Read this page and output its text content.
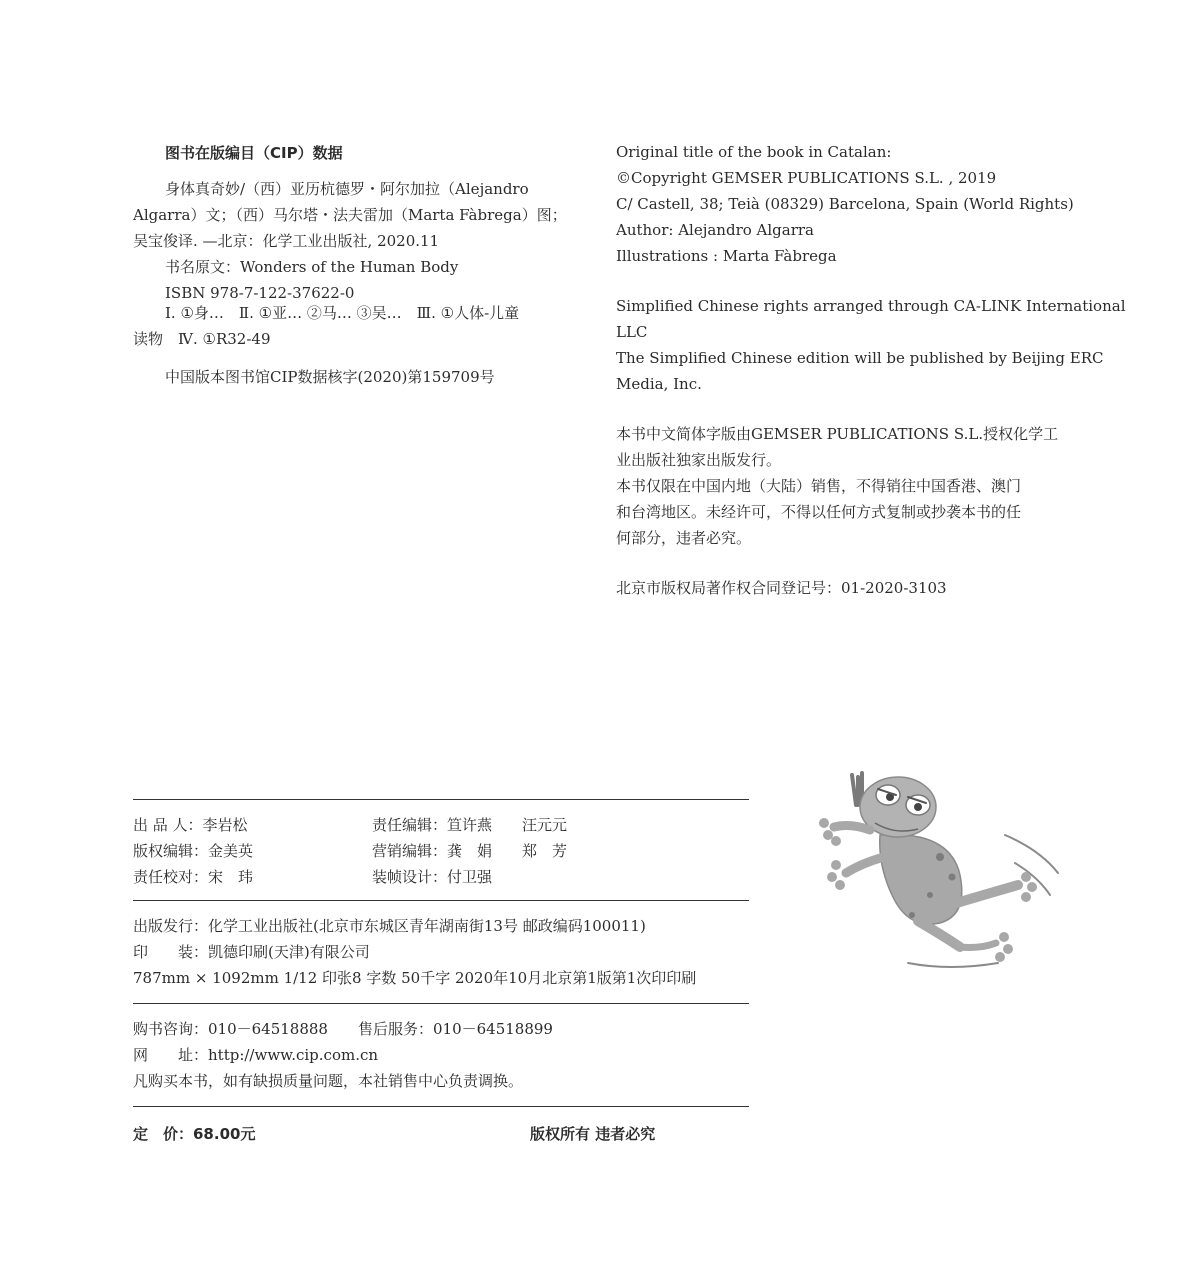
图书在版编目（CIP）数据
身体真奇妙/（西）亚历杭德罗・阿尔加拉（Alejandro
Algarra）文；（西）马尔塔・法夫雷加（Marta Fàbrega）图；
吴宝俊译. —北京：化学工业出版社, 2020.11
书名原文：Wonders of the Human Body
ISBN 978-7-122-37622-0
Ⅰ. ①身…　Ⅱ. ①亚… ②马… ③吴…　Ⅲ. ①人体-儿童
读物　Ⅳ. ①R32-49
中国版本图书馆CIP数据核字(2020)第159709号
Original title of the book in Catalan:
©Copyright GEMSER PUBLICATIONS S.L. , 2019
C/ Castell, 38; Teià (08329) Barcelona, Spain (World Rights)
Author: Alejandro Algarra
Illustrations : Marta Fàbrega
Simplified Chinese rights arranged through CA-LINK International
LLC
The Simplified Chinese edition will be published by Beijing ERC
Media, Inc.
本书中文简体字版由GEMSER PUBLICATIONS S.L.授权化学工
业出版社独家出版发行。
本书仅限在中国内地（大陆）销售，不得销往中国香港、澳门
和台湾地区。未经许可，不得以任何方式复制或抄袭本书的任
何部分，违者必究。
北京市版权局著作权合同登记号：01-2020-3103
出 品 人：李岩松
版权编辑：金美英
责任校对：宋　玮
责任编辑：笪许燕　　汪元元
营销编辑：龚　娟　　郑　芳
装帧设计：付卫强
出版发行：化学工业出版社(北京市东城区青年湖南街13号 邮政编码100011)
印　　装：凯德印刷(天津)有限公司
787mm × 1092mm 1/12 印张8 字数 50千字 2020年10月北京第1版第1次印印刷
购书咨询：010－64518888　　售后服务：010－64518899
网　　址：http://www.cip.com.cn
凡购买本书，如有缺损质量问题，本社销售中心负责调换。
定　价：68.00元	版权所有 违者必究
